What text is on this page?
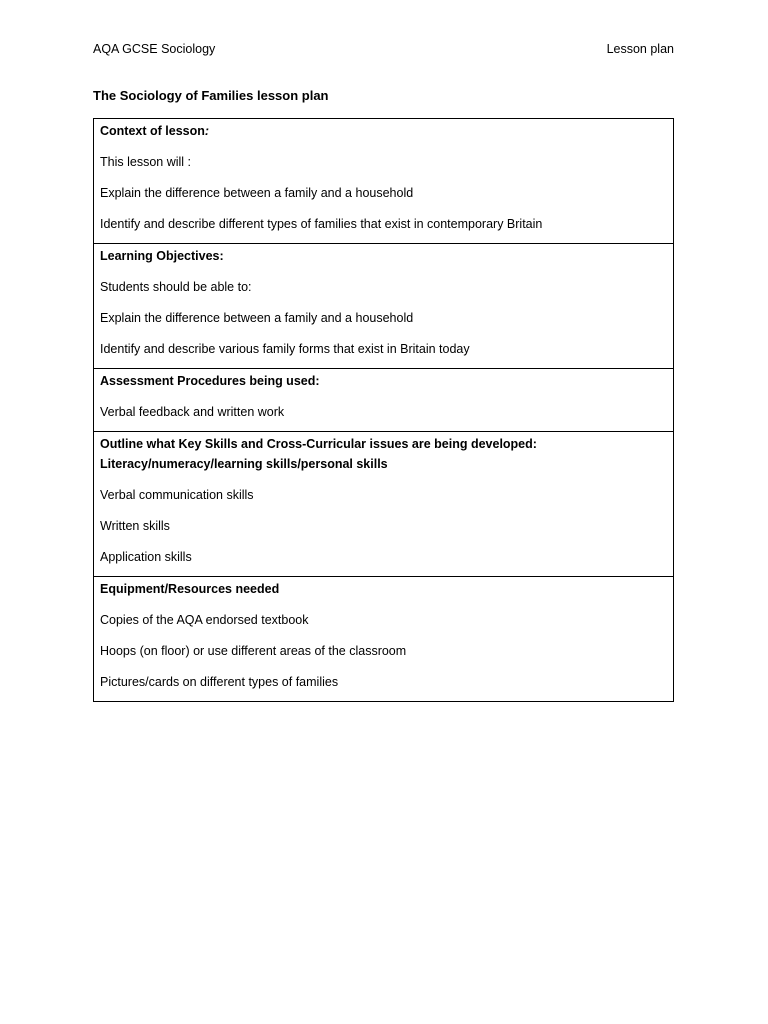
AQA GCSE Sociology	Lesson plan
The Sociology of Families lesson plan
Context of lesson:
This lesson will :
Explain the difference between a family and a household
Identify and describe different types of families that exist in contemporary Britain

Learning Objectives:
Students should be able to:
Explain the difference between a family and a household
Identify and describe various family forms that exist in Britain today

Assessment Procedures being used:
Verbal feedback and written work

Outline what Key Skills and Cross-Curricular issues are being developed:
Literacy/numeracy/learning skills/personal skills
Verbal communication skills
Written skills
Application skills

Equipment/Resources needed
Copies of the AQA endorsed textbook
Hoops (on floor) or use different areas of the classroom
Pictures/cards on different types of families
